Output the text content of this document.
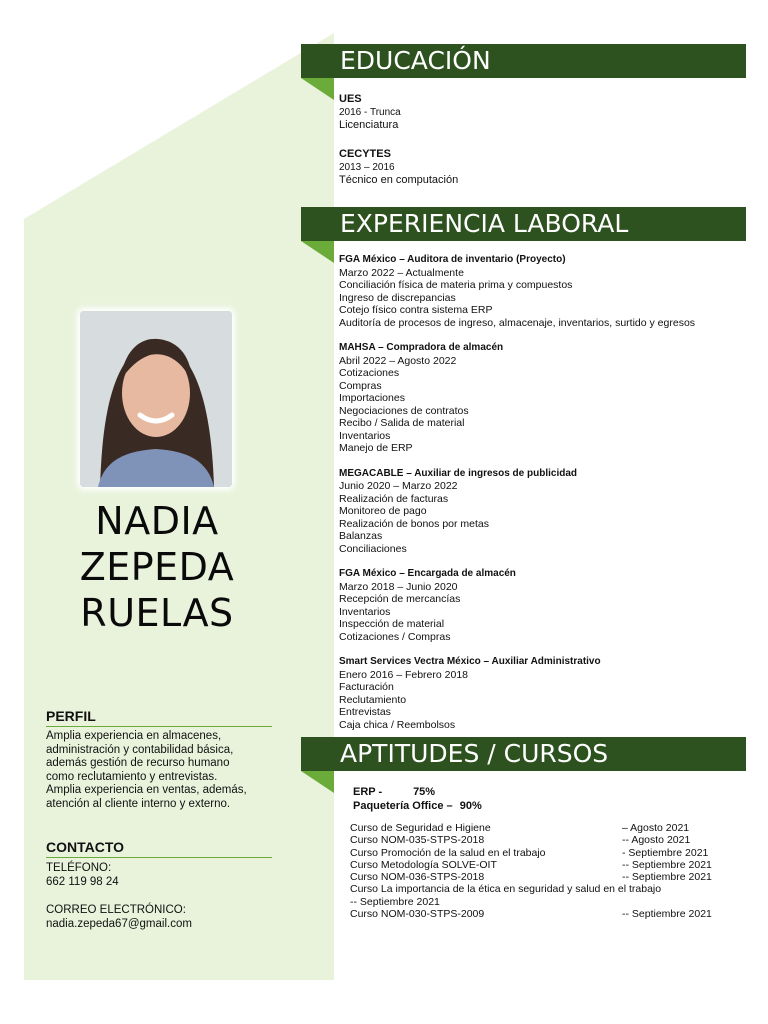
NADIA
ZEPEDA
RUELAS
PERFIL
Amplia experiencia en almacenes,
administración y contabilidad básica,
además gestión de recurso humano
como reclutamiento y entrevistas.
Amplia experiencia en ventas, además,
atención al cliente interno y externo.
CONTACTO
TELÉFONO:
662 119 98 24
CORREO ELECTRÓNICO:
nadia.zepeda67@gmail.com
EDUCACIÓN
UES
2016 - Trunca
Licenciatura
CECYTES
2013 – 2016
Técnico en computación
EXPERIENCIA LABORAL
FGA México – Auditora de inventario (Proyecto)
Marzo 2022 – Actualmente
Conciliación física de materia prima y compuestos
Ingreso de discrepancias
Cotejo físico contra sistema ERP
Auditoría de procesos de ingreso, almacenaje, inventarios, surtido y egresos
MAHSA – Compradora de almacén
Abril 2022 – Agosto 2022
Cotizaciones
Compras
Importaciones
Negociaciones de contratos
Recibo / Salida de material
Inventarios
Manejo de ERP
MEGACABLE – Auxiliar de ingresos de publicidad
Junio 2020 – Marzo 2022
Realización de facturas
Monitoreo de pago
Realización de bonos por metas
Balanzas
Conciliaciones
FGA México – Encargada de almacén
Marzo 2018 – Junio 2020
Recepción de mercancías
Inventarios
Inspección de material
Cotizaciones / Compras
Smart Services Vectra México – Auxiliar Administrativo
Enero 2016 – Febrero 2018
Facturación
Reclutamiento
Entrevistas
Caja chica / Reembolsos
APTITUDES / CURSOS
ERP -	75%
Paquetería Office – 90%
Curso de Seguridad e Higiene	– Agosto 2021
Curso NOM-035-STPS-2018	-- Agosto 2021
Curso Promoción de la salud en el trabajo	- Septiembre 2021
Curso Metodología SOLVE-OIT	-- Septiembre 2021
Curso NOM-036-STPS-2018	-- Septiembre 2021
Curso La importancia de la ética en seguridad y salud en el trabajo
-- Septiembre 2021
Curso NOM-030-STPS-2009	-- Septiembre 2021
